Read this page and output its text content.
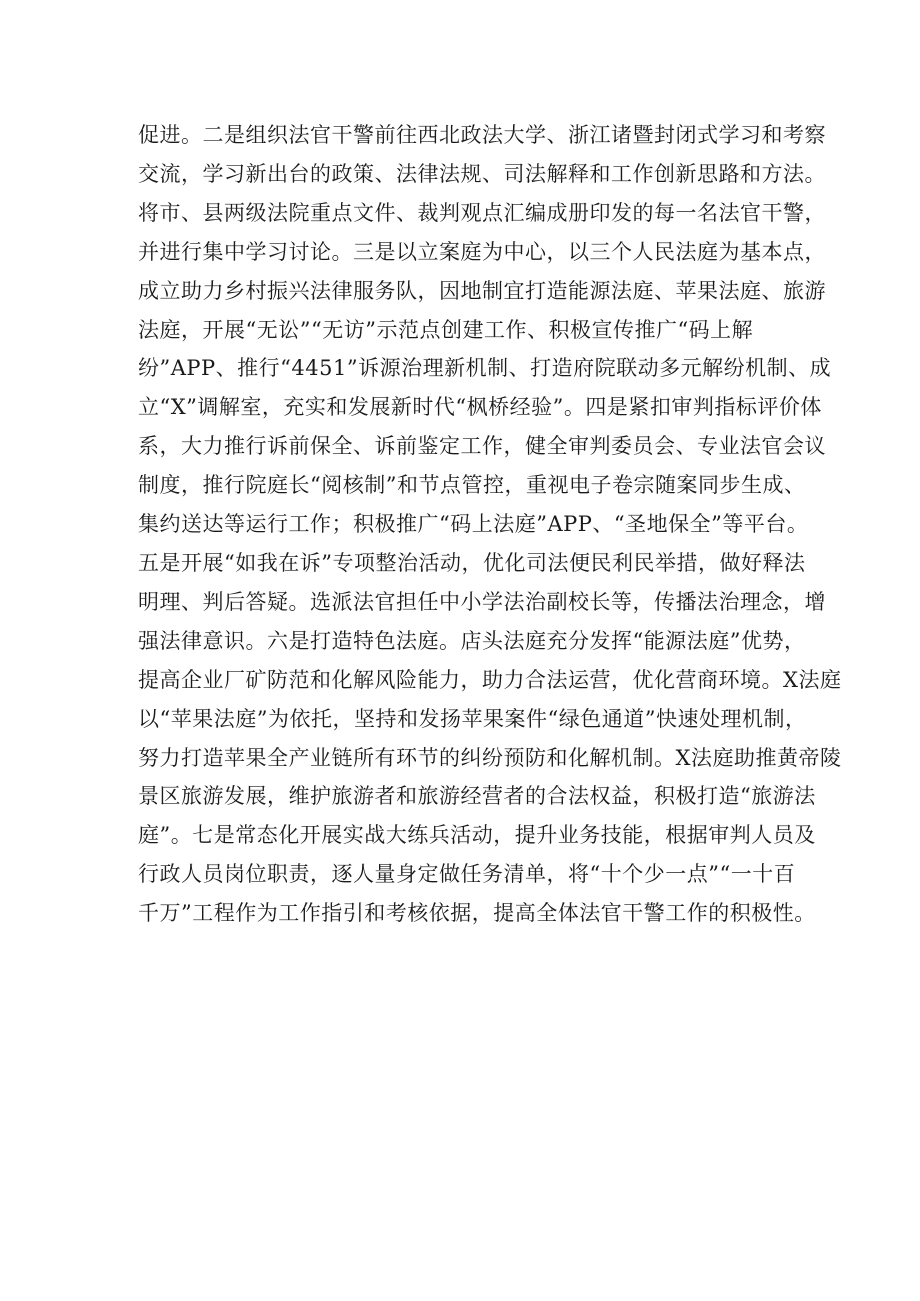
促进。二是组织法官干警前往西北政法大学、浙江诸暨封闭式学习和考察
交流，学习新出台的政策、法律法规、司法解释和工作创新思路和方法。
将市、县两级法院重点文件、裁判观点汇编成册印发的每一名法官干警，
并进行集中学习讨论。三是以立案庭为中心，以三个人民法庭为基本点，
成立助力乡村振兴法律服务队，因地制宜打造能源法庭、苹果法庭、旅游
法庭，开展“无讼”“无访”示范点创建工作、积极宣传推广“码上解
纷”APP、推行“4451”诉源治理新机制、打造府院联动多元解纷机制、成
立“X”调解室，充实和发展新时代“枫桥经验”。四是紧扣审判指标评价体
系，大力推行诉前保全、诉前鉴定工作，健全审判委员会、专业法官会议
制度，推行院庭长“阅核制”和节点管控，重视电子卷宗随案同步生成、
集约送达等运行工作；积极推广“码上法庭”APP、“圣地保全”等平台。
五是开展“如我在诉”专项整治活动，优化司法便民利民举措，做好释法
明理、判后答疑。选派法官担任中小学法治副校长等，传播法治理念，增
强法律意识。六是打造特色法庭。店头法庭充分发挥“能源法庭”优势，
提高企业厂矿防范和化解风险能力，助力合法运营，优化营商环境。X法庭
以“苹果法庭”为依托，坚持和发扬苹果案件“绿色通道”快速处理机制，
努力打造苹果全产业链所有环节的纠纷预防和化解机制。X法庭助推黄帝陵
景区旅游发展，维护旅游者和旅游经营者的合法权益，积极打造“旅游法
庭”。七是常态化开展实战大练兵活动，提升业务技能，根据审判人员及
行政人员岗位职责，逐人量身定做任务清单，将“十个少一点”“一十百
千万”工程作为工作指引和考核依据，提高全体法官干警工作的积极性。
